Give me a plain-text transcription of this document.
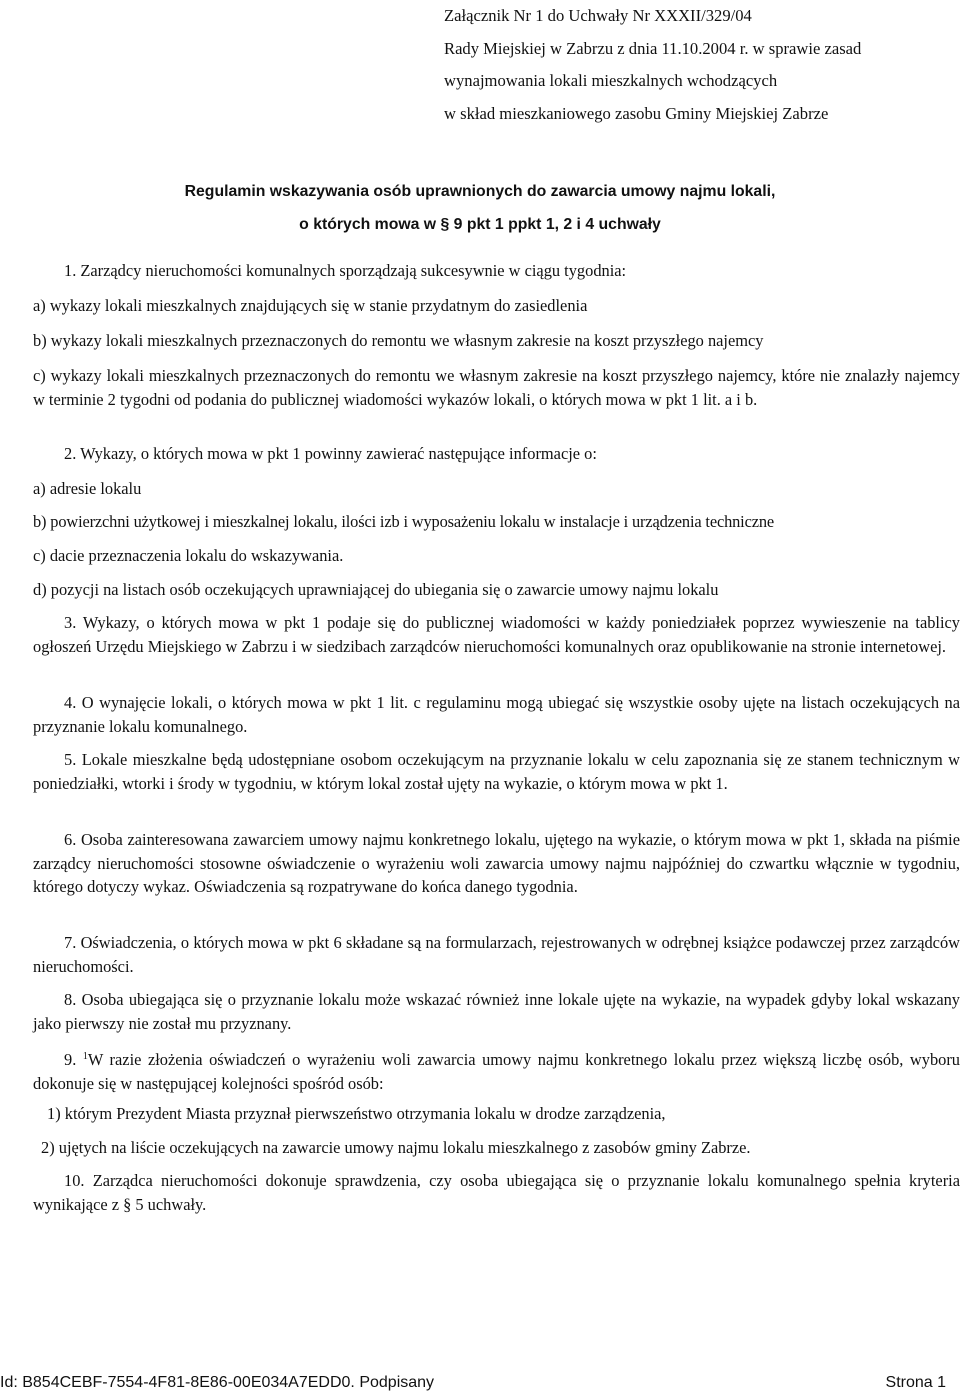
Załącznik Nr 1 do Uchwały Nr XXXII/329/04
Rady Miejskiej w Zabrzu z dnia 11.10.2004 r. w sprawie zasad
wynajmowania lokali mieszkalnych wchodzących
w skład mieszkaniowego zasobu Gminy Miejskiej Zabrze
Regulamin wskazywania osób uprawnionych do zawarcia umowy najmu lokali,
o których mowa w § 9 pkt 1 ppkt 1, 2 i 4 uchwały

1. Zarządcy nieruchomości komunalnych sporządzają sukcesywnie w ciągu tygodnia:

a) wykazy lokali mieszkalnych znajdujących się w stanie przydatnym do zasiedlenia

b) wykazy lokali mieszkalnych przeznaczonych do remontu we własnym zakresie na koszt przyszłego najemcy

c) wykazy lokali mieszkalnych przeznaczonych do remontu we własnym zakresie na koszt przyszłego najemcy, które nie znalazły najemcy w terminie 2 tygodni od podania do publicznej wiadomości wykazów lokali, o których mowa w pkt 1 lit. a i b.

2. Wykazy, o których mowa w pkt 1 powinny zawierać następujące informacje o:

a) adresie lokalu

b) powierzchni użytkowej i mieszkalnej lokalu, ilości izb i wyposażeniu lokalu w instalacje i urządzenia techniczne

c) dacie przeznaczenia lokalu do wskazywania.

d) pozycji na listach osób oczekujących uprawniającej do ubiegania się o zawarcie umowy najmu lokalu

3. Wykazy, o których mowa w pkt 1 podaje się do publicznej wiadomości w każdy poniedziałek poprzez wywieszenie na tablicy ogłoszeń Urzędu Miejskiego w Zabrzu i w siedzibach zarządców nieruchomości komunalnych oraz opublikowanie na stronie internetowej.

4. O wynajęcie lokali, o których mowa w pkt 1 lit. c regulaminu mogą ubiegać się wszystkie osoby ujęte na listach oczekujących na przyznanie lokalu komunalnego.

5. Lokale mieszkalne będą udostępniane osobom oczekującym na przyznanie lokalu w celu zapoznania się ze stanem technicznym w poniedziałki, wtorki i środy w tygodniu, w którym lokal został ujęty na wykazie, o którym mowa w pkt 1.

6. Osoba zainteresowana zawarciem umowy najmu konkretnego lokalu, ujętego na wykazie, o którym mowa w pkt 1, składa na piśmie zarządcy nieruchomości stosowne oświadczenie o wyrażeniu woli zawarcia umowy najmu najpóźniej do czwartku włącznie w tygodniu, którego dotyczy wykaz. Oświadczenia są rozpatrywane do końca danego tygodnia.

7. Oświadczenia, o których mowa w pkt 6 składane są na formularzach, rejestrowanych w odrębnej książce podawczej przez zarządców nieruchomości.

8. Osoba ubiegająca się o przyznanie lokalu może wskazać również inne lokale ujęte na wykazie, na wypadek gdyby lokal wskazany jako pierwszy nie został mu przyznany.

9. $^1$W razie złożenia oświadczeń o wyrażeniu woli zawarcia umowy najmu konkretnego lokalu przez większą liczbę osób, wyboru dokonuje się w następującej kolejności spośród osób:

1) którym Prezydent Miasta przyznał pierwszeństwo otrzymania lokalu w drodze zarządzenia,

2) ujętych na liście oczekujących na zawarcie umowy najmu lokalu mieszkalnego z zasobów gminy Zabrze.

10. Zarządca nieruchomości dokonuje sprawdzenia, czy osoba ubiegająca się o przyznanie lokalu komunalnego spełnia kryteria wynikające z § 5 uchwały.

Id: B854CEBF-7554-4F81-8E86-00E034A7EDD0. Podpisany	Strona 1
